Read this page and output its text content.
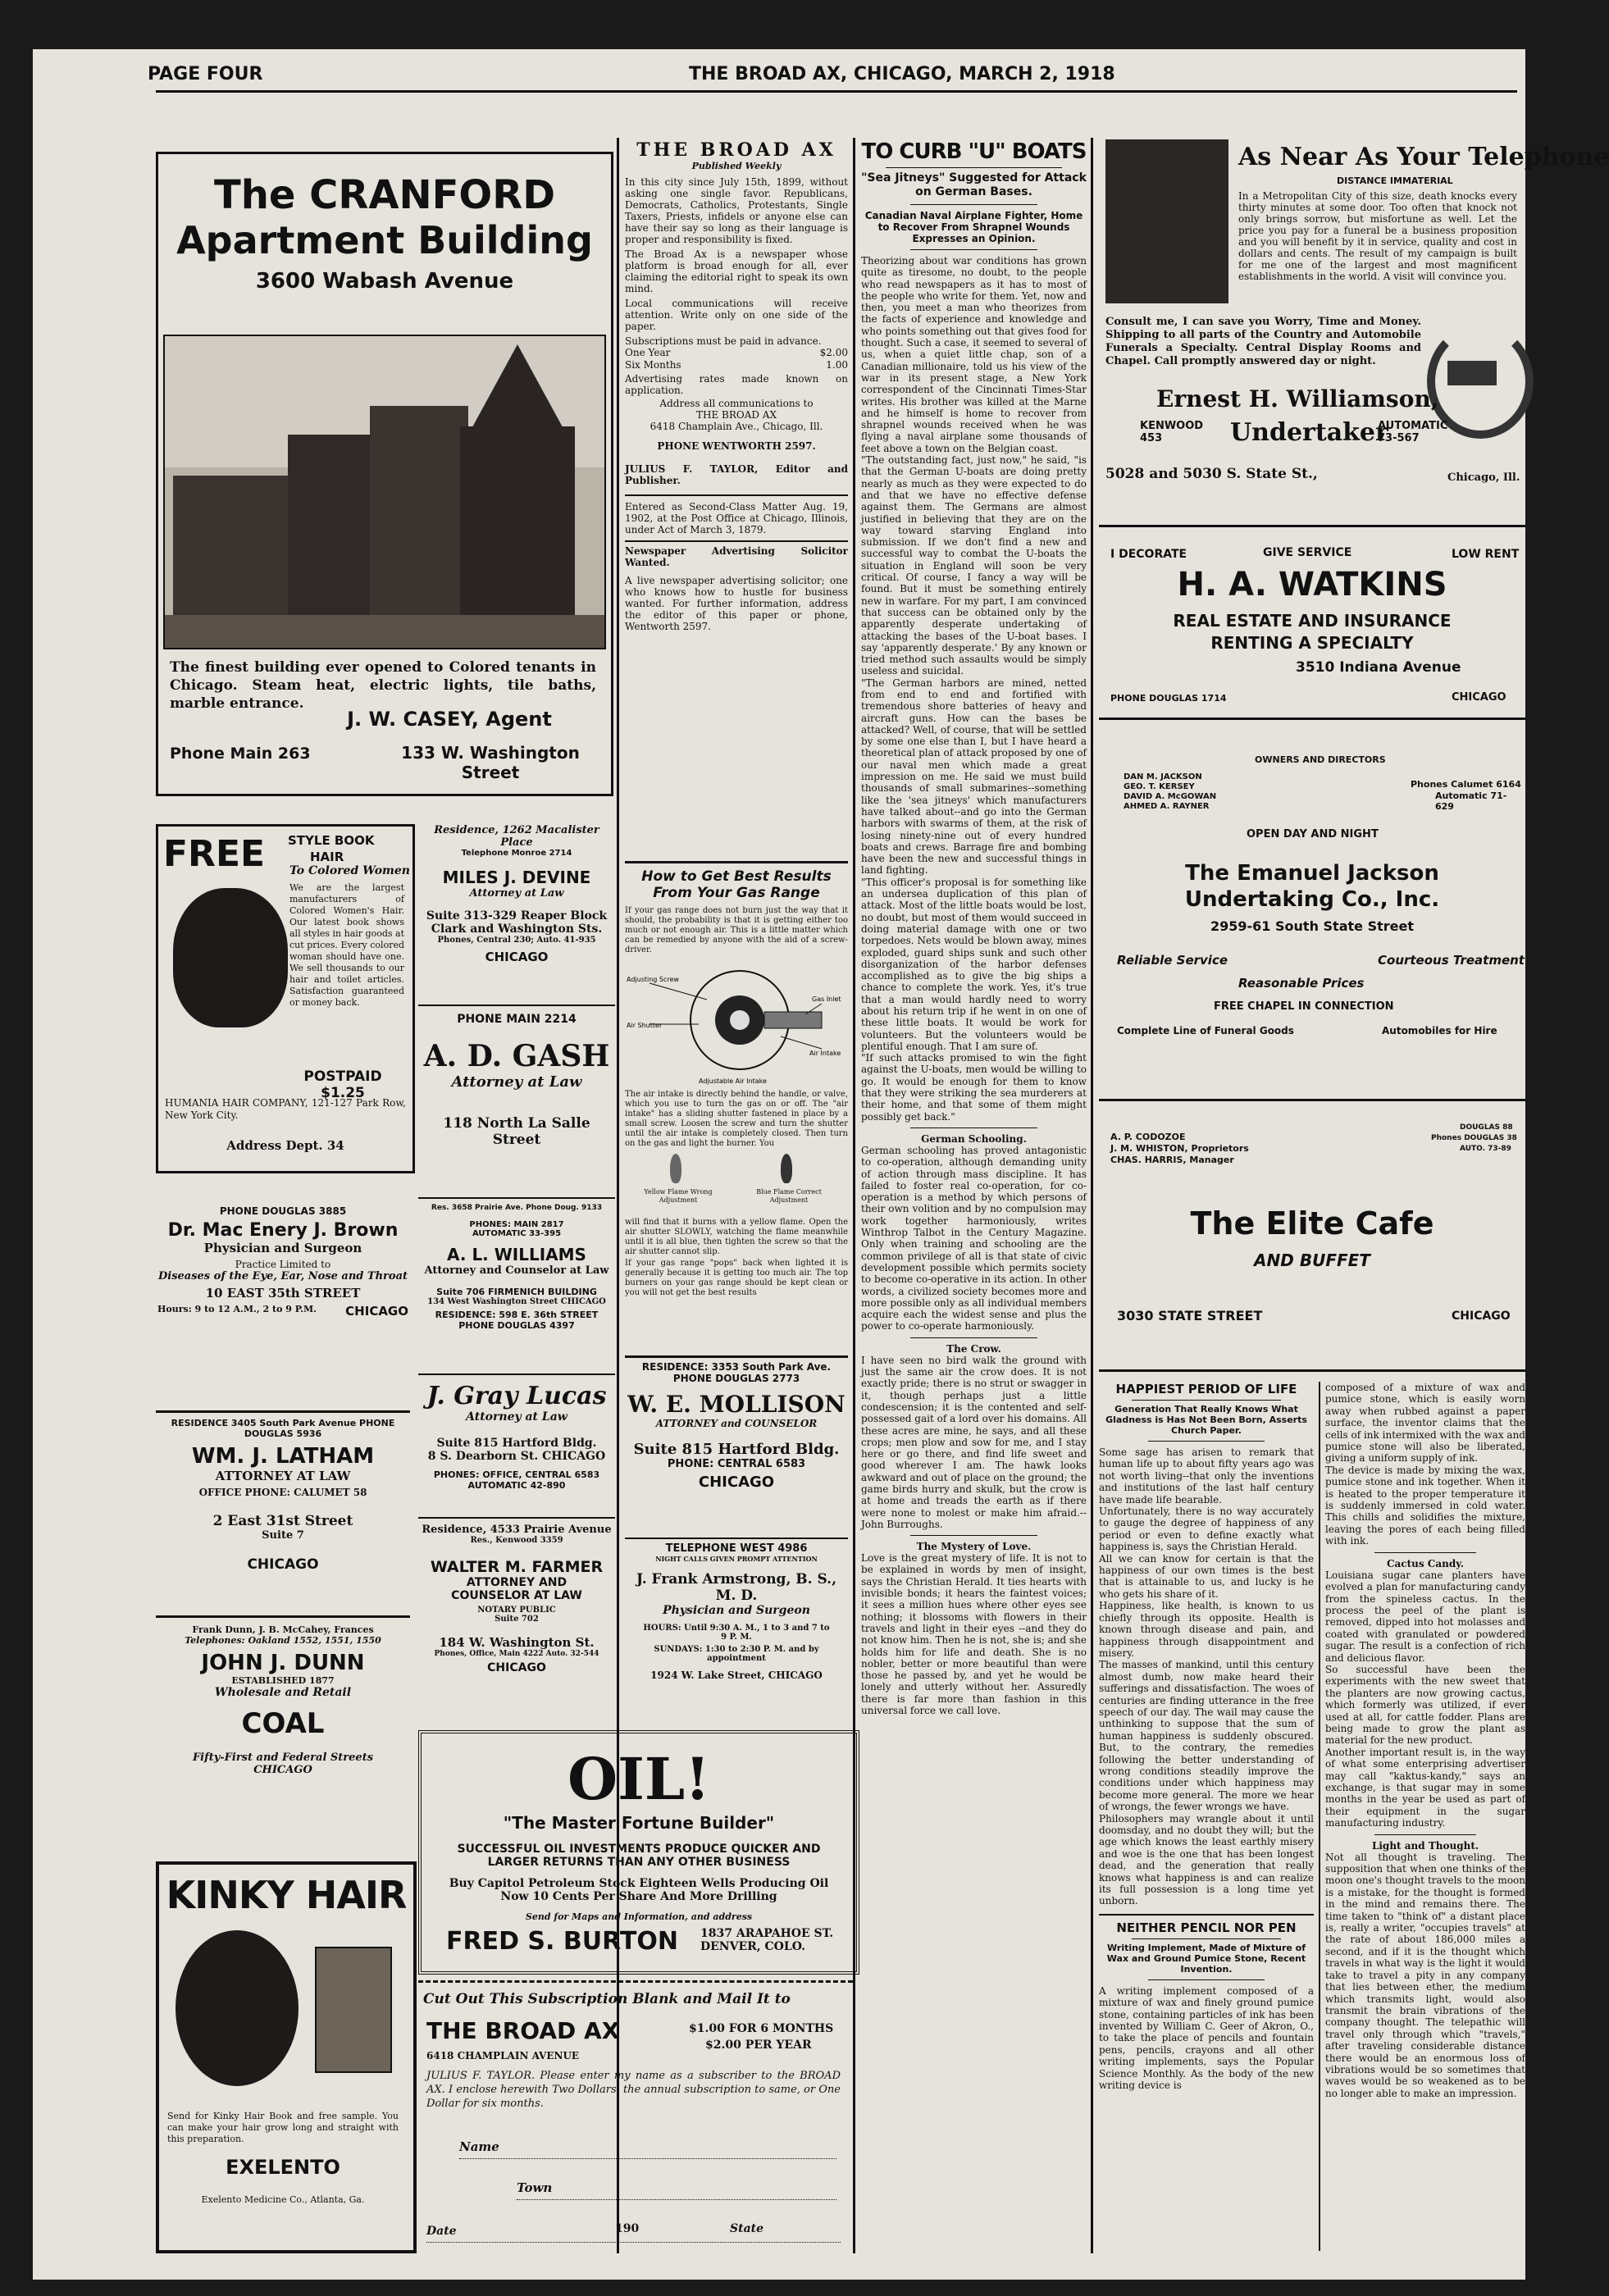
PAGE FOUR	THE BROAD AX, CHICAGO, MARCH 2, 1918
The CRANFORD
Apartment Building
3600 Wabash Avenue

The finest building ever opened to Colored tenants in Chicago. Steam heat, electric lights, tile baths, marble entrance.

J. W. CASEY, Agent
Phone Main 263	133 W. Washington Street
FREE STYLE BOOK
HAIR
To Colored Women

We are the largest manufacturers of Colored Women's Hair. Our latest book shows all styles in hair goods at cut prices. Every colored woman should have one. We sell thousands to our hair and toilet articles. Satisfaction guaranteed or money back.

POSTPAID $1.25

HUMANIA HAIR COMPANY, 121-127 Park Row, New York City.

Address Dept. 34
PHONE DOUGLAS 3885
Dr. Mac Enery J. Brown
Physician and Surgeon
Practice Limited to
Diseases of the Eye, Ear, Nose and Throat
10 EAST 35th STREET
Hours: 9 to 12 A.M., 2 to 9 P.M. CHICAGO
RESIDENCE 3405 South Park Avenue PHONE DOUGLAS 5936
WM. J. LATHAM
ATTORNEY AT LAW
OFFICE PHONE: CALUMET 58
2 East 31st Street
Suite 7
CHICAGO
Frank Dunn, J. B. McCahey, Frances
Telephones: Oakland 1552, 1551, 1550
JOHN J. DUNN
ESTABLISHED 1877
Wholesale and Retail
COAL
Fifty-First and Federal Streets CHICAGO
KINKY HAIR

Send for Kinky Hair Book and free sample. You can make your hair grow long and straight with this preparation.

EXELENTO

Exelento Medicine Co., Atlanta, Ga.

Residence, 1262 Macalister Place
Telephone Monroe 2714
MILES J. DEVINE
Attorney at Law
Suite 313-329 Reaper Block Clark and Washington Sts.
Phones, Central 230; Auto. 41-935
CHICAGO
PHONE MAIN 2214
A. D. GASH
Attorney at Law
118 North La Salle Street
Res. 3658 Prairie Ave. Phone Doug. 9133
PHONES: MAIN 2817
AUTOMATIC 33-395
A. L. WILLIAMS
Attorney and Counselor at Law
Suite 706 FIRMENICH BUILDING
134 West Washington Street CHICAGO
RESIDENCE: 598 E. 36th STREET
PHONE DOUGLAS 4397
J. Gray Lucas
Attorney at Law
Suite 815 Hartford Bldg.
8 S. Dearborn St. CHICAGO
PHONES: OFFICE, CENTRAL 6583
AUTOMATIC 42-890
Residence, 4533 Prairie Avenue
Res., Kenwood 3359
WALTER M. FARMER
ATTORNEY AND COUNSELOR AT LAW
NOTARY PUBLIC
Suite 702
184 W. Washington St.
Phones, Office, Main 4222 Auto. 32-544
CHICAGO
OIL!
"The Master Fortune Builder"
SUCCESSFUL OIL INVESTMENTS PRODUCE QUICKER AND LARGER RETURNS THAN ANY OTHER BUSINESS
Buy Capitol Petroleum Stock Eighteen Wells Producing Oil
Now 10 Cents Per Share And More Drilling
Send for Maps and Information, and address
FRED S. BURTON 1837 ARAPAHOE ST. DENVER, COLO.
Cut Out This Subscription Blank and Mail It to
THE BROAD AX
6418 CHAMPLAIN AVENUE
$1.00 FOR 6 MONTHS
$2.00 PER YEAR

JULIUS F. TAYLOR. Please enter my name as a subscriber to the BROAD AX. I enclose herewith Two Dollars, the annual subscription to same, or One Dollar for six months.

Name
Town
Date	190	State
THE BROAD AX
Published Weekly

In this city since July 15th, 1899, without asking one single favor. Republicans, Democrats, Catholics, Protestants, Single Taxers, Priests, infidels or anyone else can have their say so long as their language is proper and responsibility is fixed.

The Broad Ax is a newspaper whose platform is broad enough for all, ever claiming the editorial right to speak its own mind.

Local communications will receive attention. Write only on one side of the paper.

Subscriptions must be paid in advance.

One Year	$2.00
Six Months	1.00

Advertising rates made known on application.

Address all communications to
THE BROAD AX
6418 Champlain Ave., Chicago, Ill.
PHONE WENTWORTH 2597.

JULIUS F. TAYLOR, Editor and Publisher.

Entered as Second-Class Matter Aug. 19, 1902, at the Post Office at Chicago, Illinois, under Act of March 3, 1879.

Newspaper Advertising Solicitor Wanted.

A live newspaper advertising solicitor; one who knows how to hustle for business wanted. For further information, address the editor of this paper or phone, Wentworth 2597.

How to Get Best Results From Your Gas Range

If your gas range does not burn just the way that it should, the probability is that it is getting either too much or not enough air. This is a little matter which can be remedied by anyone with the aid of a screw-driver.

Adjusting Screw
Air Shutter
Gas Inlet
Air Intake
Adjustable Air Intake

The air intake is directly behind the handle, or valve, which you use to turn the gas on or off. The "air intake" has a sliding shutter fastened in place by a small screw. Loosen the screw and turn the shutter until the air intake is completely closed. Then turn on the gas and light the burner. You

Yellow Flame Wrong Adjustment
Blue Flame Correct Adjustment

will find that it burns with a yellow flame. Open the air shutter SLOWLY, watching the flame meanwhile until it is all blue, then tighten the screw so that the air shutter cannot slip.

If your gas range "pops" back when lighted it is generally because it is getting too much air. The top burners on your gas range should be kept clean or you will not get the best results

RESIDENCE: 3353 South Park Ave.
PHONE DOUGLAS 2773
W. E. MOLLISON
ATTORNEY and COUNSELOR
Suite 815 Hartford Bldg.
PHONE: CENTRAL 6583
CHICAGO
TELEPHONE WEST 4986
NIGHT CALLS GIVEN PROMPT ATTENTION
J. Frank Armstrong, B. S., M. D.
Physician and Surgeon
HOURS: Until 9:30 A. M., 1 to 3 and 7 to 9 P. M.
SUNDAYS: 1:30 to 2:30 P. M. and by appointment
1924 W. Lake Street, CHICAGO
TO CURB "U" BOATS
"Sea Jitneys" Suggested for Attack on German Bases.
Canadian Naval Airplane Fighter, Home to Recover From Shrapnel Wounds Expresses an Opinion.

Theorizing about war conditions has grown quite as tiresome, no doubt, to the people who read newspapers as it has to most of the people who write for them. Yet, now and then, you meet a man who theorizes from the facts of experience and knowledge and who points something out that gives food for thought. Such a case, it seemed to several of us, when a quiet little chap, son of a Canadian millionaire, told us his view of the war in its present stage, a New York correspondent of the Cincinnati Times-Star writes. His brother was killed at the Marne and he himself is home to recover from shrapnel wounds received when he was flying a naval airplane some thousands of feet above a town on the Belgian coast.

"The outstanding fact, just now," he said, "is that the German U-boats are doing pretty nearly as much as they were expected to do and that we have no effective defense against them. The Germans are almost justified in believing that they are on the way toward starving England into submission. If we don't find a new and successful way to combat the U-boats the situation in England will soon be very critical. Of course, I fancy a way will be found. But it must be something entirely new in warfare. For my part, I am convinced that success can be obtained only by the apparently desperate undertaking of attacking the bases of the U-boat bases. I say 'apparently desperate.' By any known or tried method such assaults would be simply useless and suicidal.

"The German harbors are mined, netted from end to end and fortified with tremendous shore batteries of heavy and aircraft guns. How can the bases be attacked? Well, of course, that will be settled by some one else than I, but I have heard a theoretical plan of attack proposed by one of our naval men which made a great impression on me. He said we must build thousands of small submarines--something like the 'sea jitneys' which manufacturers have talked about--and go into the German harbors with swarms of them, at the risk of losing ninety-nine out of every hundred boats and crews. Barrage fire and bombing have been the new and successful things in land fighting.

"This officer's proposal is for something like an undersea duplication of this plan of attack. Most of the little boats would be lost, no doubt, but most of them would succeed in doing material damage with one or two torpedoes. Nets would be blown away, mines exploded, guard ships sunk and such other disorganization of the harbor defenses accomplished as to give the big ships a chance to complete the work. Yes, it's true that a man would hardly need to worry about his return trip if he went in on one of these little boats. It would be work for volunteers. But the volunteers would be plentiful enough. That I am sure of.

"If such attacks promised to win the fight against the U-boats, men would be willing to go. It would be enough for them to know that they were striking the sea murderers at their home, and that some of them might possibly get back."

German Schooling.

German schooling has proved antagonistic to co-operation, although demanding unity of action through mass discipline. It has failed to foster real co-operation, for co-operation is a method by which persons of their own volition and by no compulsion may work together harmoniously, writes Winthrop Talbot in the Century Magazine. Only when training and schooling are the common privilege of all is that state of civic development possible which permits society to become co-operative in its action. In other words, a civilized society becomes more and more possible only as all individual members acquire each the widest sense and plus the power to co-operate harmoniously.

The Crow.

I have seen no bird walk the ground with just the same air the crow does. It is not exactly pride; there is no strut or swagger in it, though perhaps just a little condescension; it is the contented and self-possessed gait of a lord over his domains. All these acres are mine, he says, and all these crops; men plow and sow for me, and I stay here or go there, and find life sweet and good wherever I am. The hawk looks awkward and out of place on the ground; the game birds hurry and skulk, but the crow is at home and treads the earth as if there were none to molest or make him afraid.--John Burroughs.

The Mystery of Love.

Love is the great mystery of life. It is not to be explained in words by men of insight, says the Christian Herald. It ties hearts with invisible bonds; it hears the faintest voices; it sees a million hues where other eyes see nothing; it blossoms with flowers in their travels and light in their eyes --and they do not know him. Then he is not, she is; and she holds him for life and death. She is no nobler, better or more beautiful than were those he passed by, and yet he would be lonely and utterly without her. Assuredly there is far more than fashion in this universal force we call love.

As Near As Your Telephone
DISTANCE IMMATERIAL

In a Metropolitan City of this size, death knocks every thirty minutes at some door. Too often that knock not only brings sorrow, but misfortune as well. Let the price you pay for a funeral be a business proposition and you will benefit by it in service, quality and cost in dollars and cents. The result of my campaign is built for me one of the largest and most magnificent establishments in the world. A visit will convince you.

Consult me, I can save you Worry, Time and Money. Shipping to all parts of the Country and Automobile Funerals a Specialty. Central Display Rooms and Chapel. Call promptly answered day or night.

Ernest H. Williamson,
KENWOOD 453	Undertaker
AUTOMATIC 73-567
5028 and 5030 S. State St.,	Chicago, Ill.
I DECORATE	GIVE SERVICE	LOW RENT
H. A. WATKINS
REAL ESTATE AND INSURANCE
RENTING A SPECIALTY
3510 Indiana Avenue
PHONE DOUGLAS 1714	CHICAGO
OWNERS AND DIRECTORS
DAN M. JACKSON
GEO. T. KERSEY
DAVID A. McGOWAN
AHMED A. RAYNER
Phones Calumet 6164
Automatic 71-629
OPEN DAY AND NIGHT
The Emanuel Jackson
Undertaking Co., Inc.
2959-61 South State Street
Reliable Service	Courteous Treatment
Reasonable Prices
FREE CHAPEL IN CONNECTION
Complete Line of Funeral Goods	Automobiles for Hire
A. P. CODOZOE
J. M. WHISTON, Proprietors
CHAS. HARRIS, Manager
DOUGLAS 88
Phones DOUGLAS 38
AUTO. 73-89
The Elite Cafe
AND BUFFET
3030 STATE STREET	CHICAGO
HAPPIEST PERIOD OF LIFE
Generation That Really Knows What Gladness is Has Not Been Born, Asserts Church Paper.

Some sage has arisen to remark that human life up to about fifty years ago was not worth living--that only the inventions and institutions of the last half century have made life bearable.

Unfortunately, there is no way accurately to gauge the degree of happiness of any period or even to define exactly what happiness is, says the Christian Herald.

All we can know for certain is that the happiness of our own times is the best that is attainable to us, and lucky is he who gets his share of it.

Happiness, like health, is known to us chiefly through its opposite. Health is known through disease and pain, and happiness through disappointment and misery.

The masses of mankind, until this century almost dumb, now make heard their sufferings and dissatisfaction. The woes of centuries are finding utterance in the free speech of our day. The wail may cause the unthinking to suppose that the sum of human happiness is suddenly obscured. But, to the contrary, the remedies following the better understanding of wrong conditions steadily improve the conditions under which happiness may become more general. The more we hear of wrongs, the fewer wrongs we have.

Philosophers may wrangle about it until doomsday, and no doubt they will; but the age which knows the least earthly misery and woe is the one that has been longest dead, and the generation that really knows what happiness is and can realize its full possession is a long time yet unborn.

NEITHER PENCIL NOR PEN
Writing Implement, Made of Mixture of Wax and Ground Pumice Stone, Recent Invention.

A writing implement composed of a mixture of wax and finely ground pumice stone, containing particles of ink has been invented by William C. Geer of Akron, O., to take the place of pencils and fountain pens, pencils, crayons and all other writing implements, says the Popular Science Monthly. As the body of the new writing device is

composed of a mixture of wax and pumice stone, which is easily worn away when rubbed against a paper surface, the inventor claims that the cells of ink intermixed with the wax and pumice stone will also be liberated, giving a uniform supply of ink.

The device is made by mixing the wax, pumice stone and ink together. When it is heated to the proper temperature it is suddenly immersed in cold water. This chills and solidifies the mixture, leaving the pores of each being filled with ink.

Cactus Candy.

Louisiana sugar cane planters have evolved a plan for manufacturing candy from the spineless cactus. In the process the peel of the plant is removed, dipped into hot molasses and coated with granulated or powdered sugar. The result is a confection of rich and delicious flavor.

So successful have been the experiments with the new sweet that the planters are now growing cactus, which formerly was utilized, if ever used at all, for cattle fodder. Plans are being made to grow the plant as material for the new product.

Another important result is, in the way of what some enterprising advertiser may call "kaktus-kandy," says an exchange, is that sugar may in some months in the year be used as part of their equipment in the sugar manufacturing industry.

Light and Thought.

Not all thought is traveling. The supposition that when one thinks of the moon one's thought travels to the moon is a mistake, for the thought is formed in the mind and remains there. The time taken to "think of" a distant place is, really a writer, "occupies travels" at the rate of about 186,000 miles a second, and if it is the thought which travels in what way is the light it would take to travel a pity in any company that lies between ether, the medium which transmits light, would also transmit the brain vibrations of the company thought. The telepathic will travel only through which "travels," after traveling considerable distance there would be an enormous loss of vibrations would be so sometimes that waves would be so weakened as to be no longer able to make an impression.
